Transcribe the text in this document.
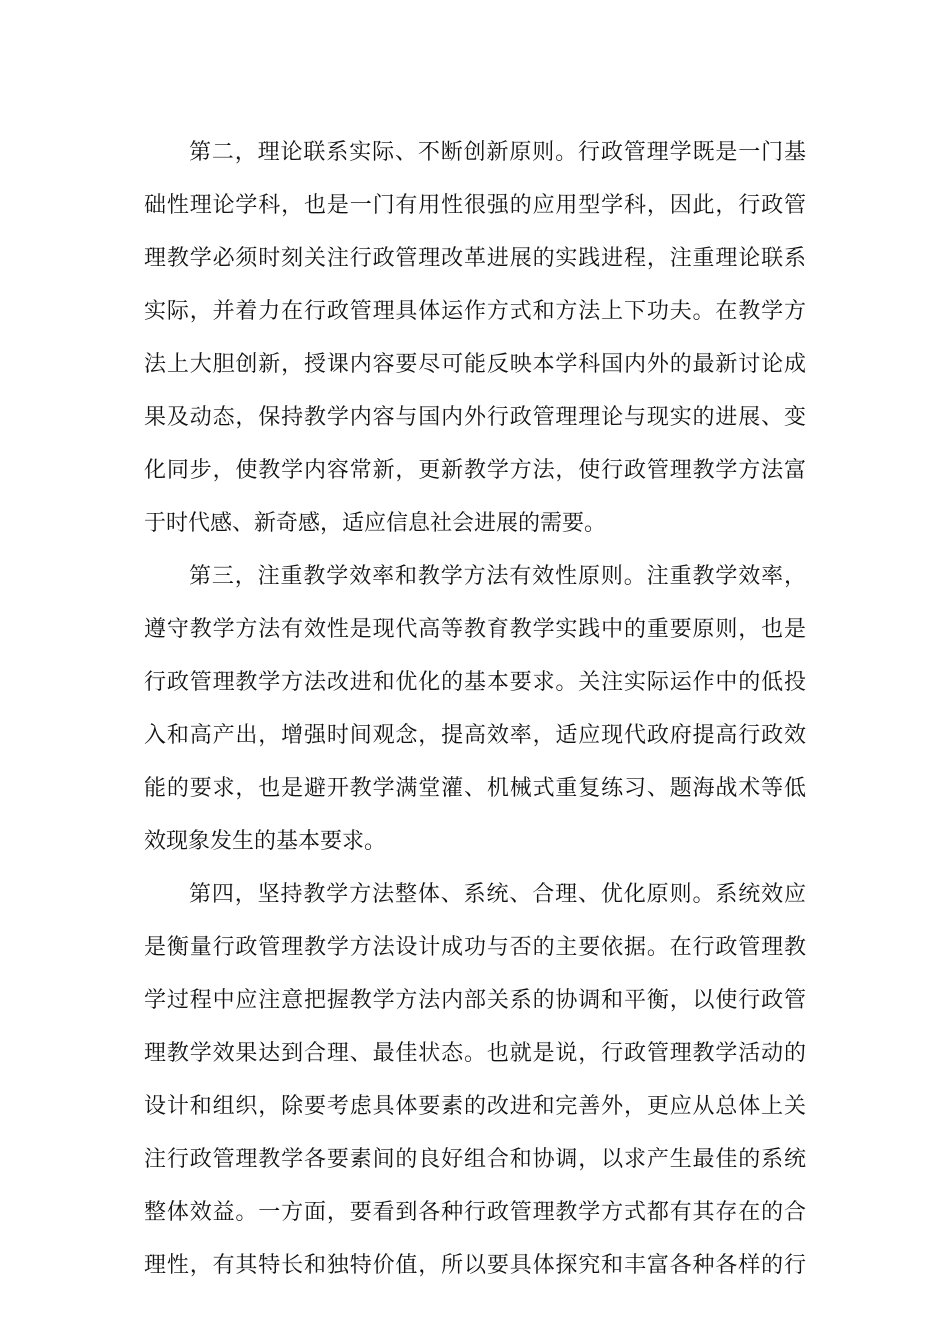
第二，理论联系实际、不断创新原则。行政管理学既是一门基
础性理论学科，也是一门有用性很强的应用型学科，因此，行政管
理教学必须时刻关注行政管理改革进展的实践进程，注重理论联系
实际，并着力在行政管理具体运作方式和方法上下功夫。在教学方
法上大胆创新，授课内容要尽可能反映本学科国内外的最新讨论成
果及动态，保持教学内容与国内外行政管理理论与现实的进展、变
化同步，使教学内容常新，更新教学方法，使行政管理教学方法富
于时代感、新奇感，适应信息社会进展的需要。
第三，注重教学效率和教学方法有效性原则。注重教学效率，
遵守教学方法有效性是现代高等教育教学实践中的重要原则，也是
行政管理教学方法改进和优化的基本要求。关注实际运作中的低投
入和高产出，增强时间观念，提高效率，适应现代政府提高行政效
能的要求，也是避开教学满堂灌、机械式重复练习、题海战术等低
效现象发生的基本要求。
第四，坚持教学方法整体、系统、合理、优化原则。系统效应
是衡量行政管理教学方法设计成功与否的主要依据。在行政管理教
学过程中应注意把握教学方法内部关系的协调和平衡，以使行政管
理教学效果达到合理、最佳状态。也就是说，行政管理教学活动的
设计和组织，除要考虑具体要素的改进和完善外，更应从总体上关
注行政管理教学各要素间的良好组合和协调，以求产生最佳的系统
整体效益。一方面，要看到各种行政管理教学方式都有其存在的合
理性，有其特长和独特价值，所以要具体探究和丰富各种各样的行
